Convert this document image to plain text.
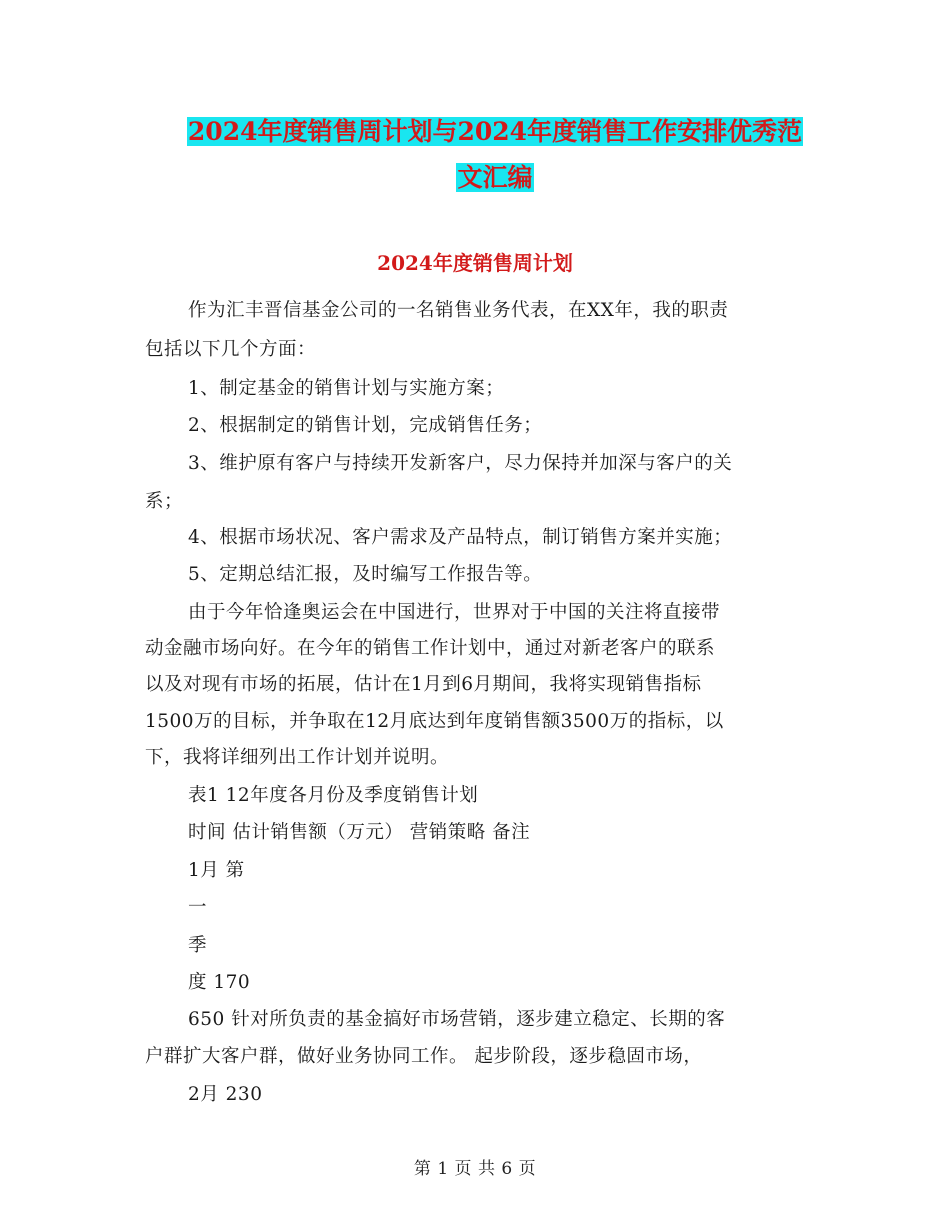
2024年度销售周计划与2024年度销售工作安排优秀范
文汇编
2024年度销售周计划
作为汇丰晋信基金公司的一名销售业务代表，在XX年，我的职责
包括以下几个方面：
1、制定基金的销售计划与实施方案；
2、根据制定的销售计划，完成销售任务；
3、维护原有客户与持续开发新客户，尽力保持并加深与客户的关
系；
4、根据市场状况、客户需求及产品特点，制订销售方案并实施；
5、定期总结汇报，及时编写工作报告等。
由于今年恰逢奥运会在中国进行，世界对于中国的关注将直接带
动金融市场向好。在今年的销售工作计划中，通过对新老客户的联系
以及对现有市场的拓展，估计在1月到6月期间，我将实现销售指标
1500万的目标，并争取在12月底达到年度销售额3500万的指标，以
下，我将详细列出工作计划并说明。
表1 12年度各月份及季度销售计划
时间 估计销售额（万元） 营销策略 备注
1月 第
一
季
度 170
650 针对所负责的基金搞好市场营销，逐步建立稳定、长期的客
户群扩大客户群，做好业务协同工作。 起步阶段，逐步稳固市场，
2月 230
第 1 页 共 6 页
